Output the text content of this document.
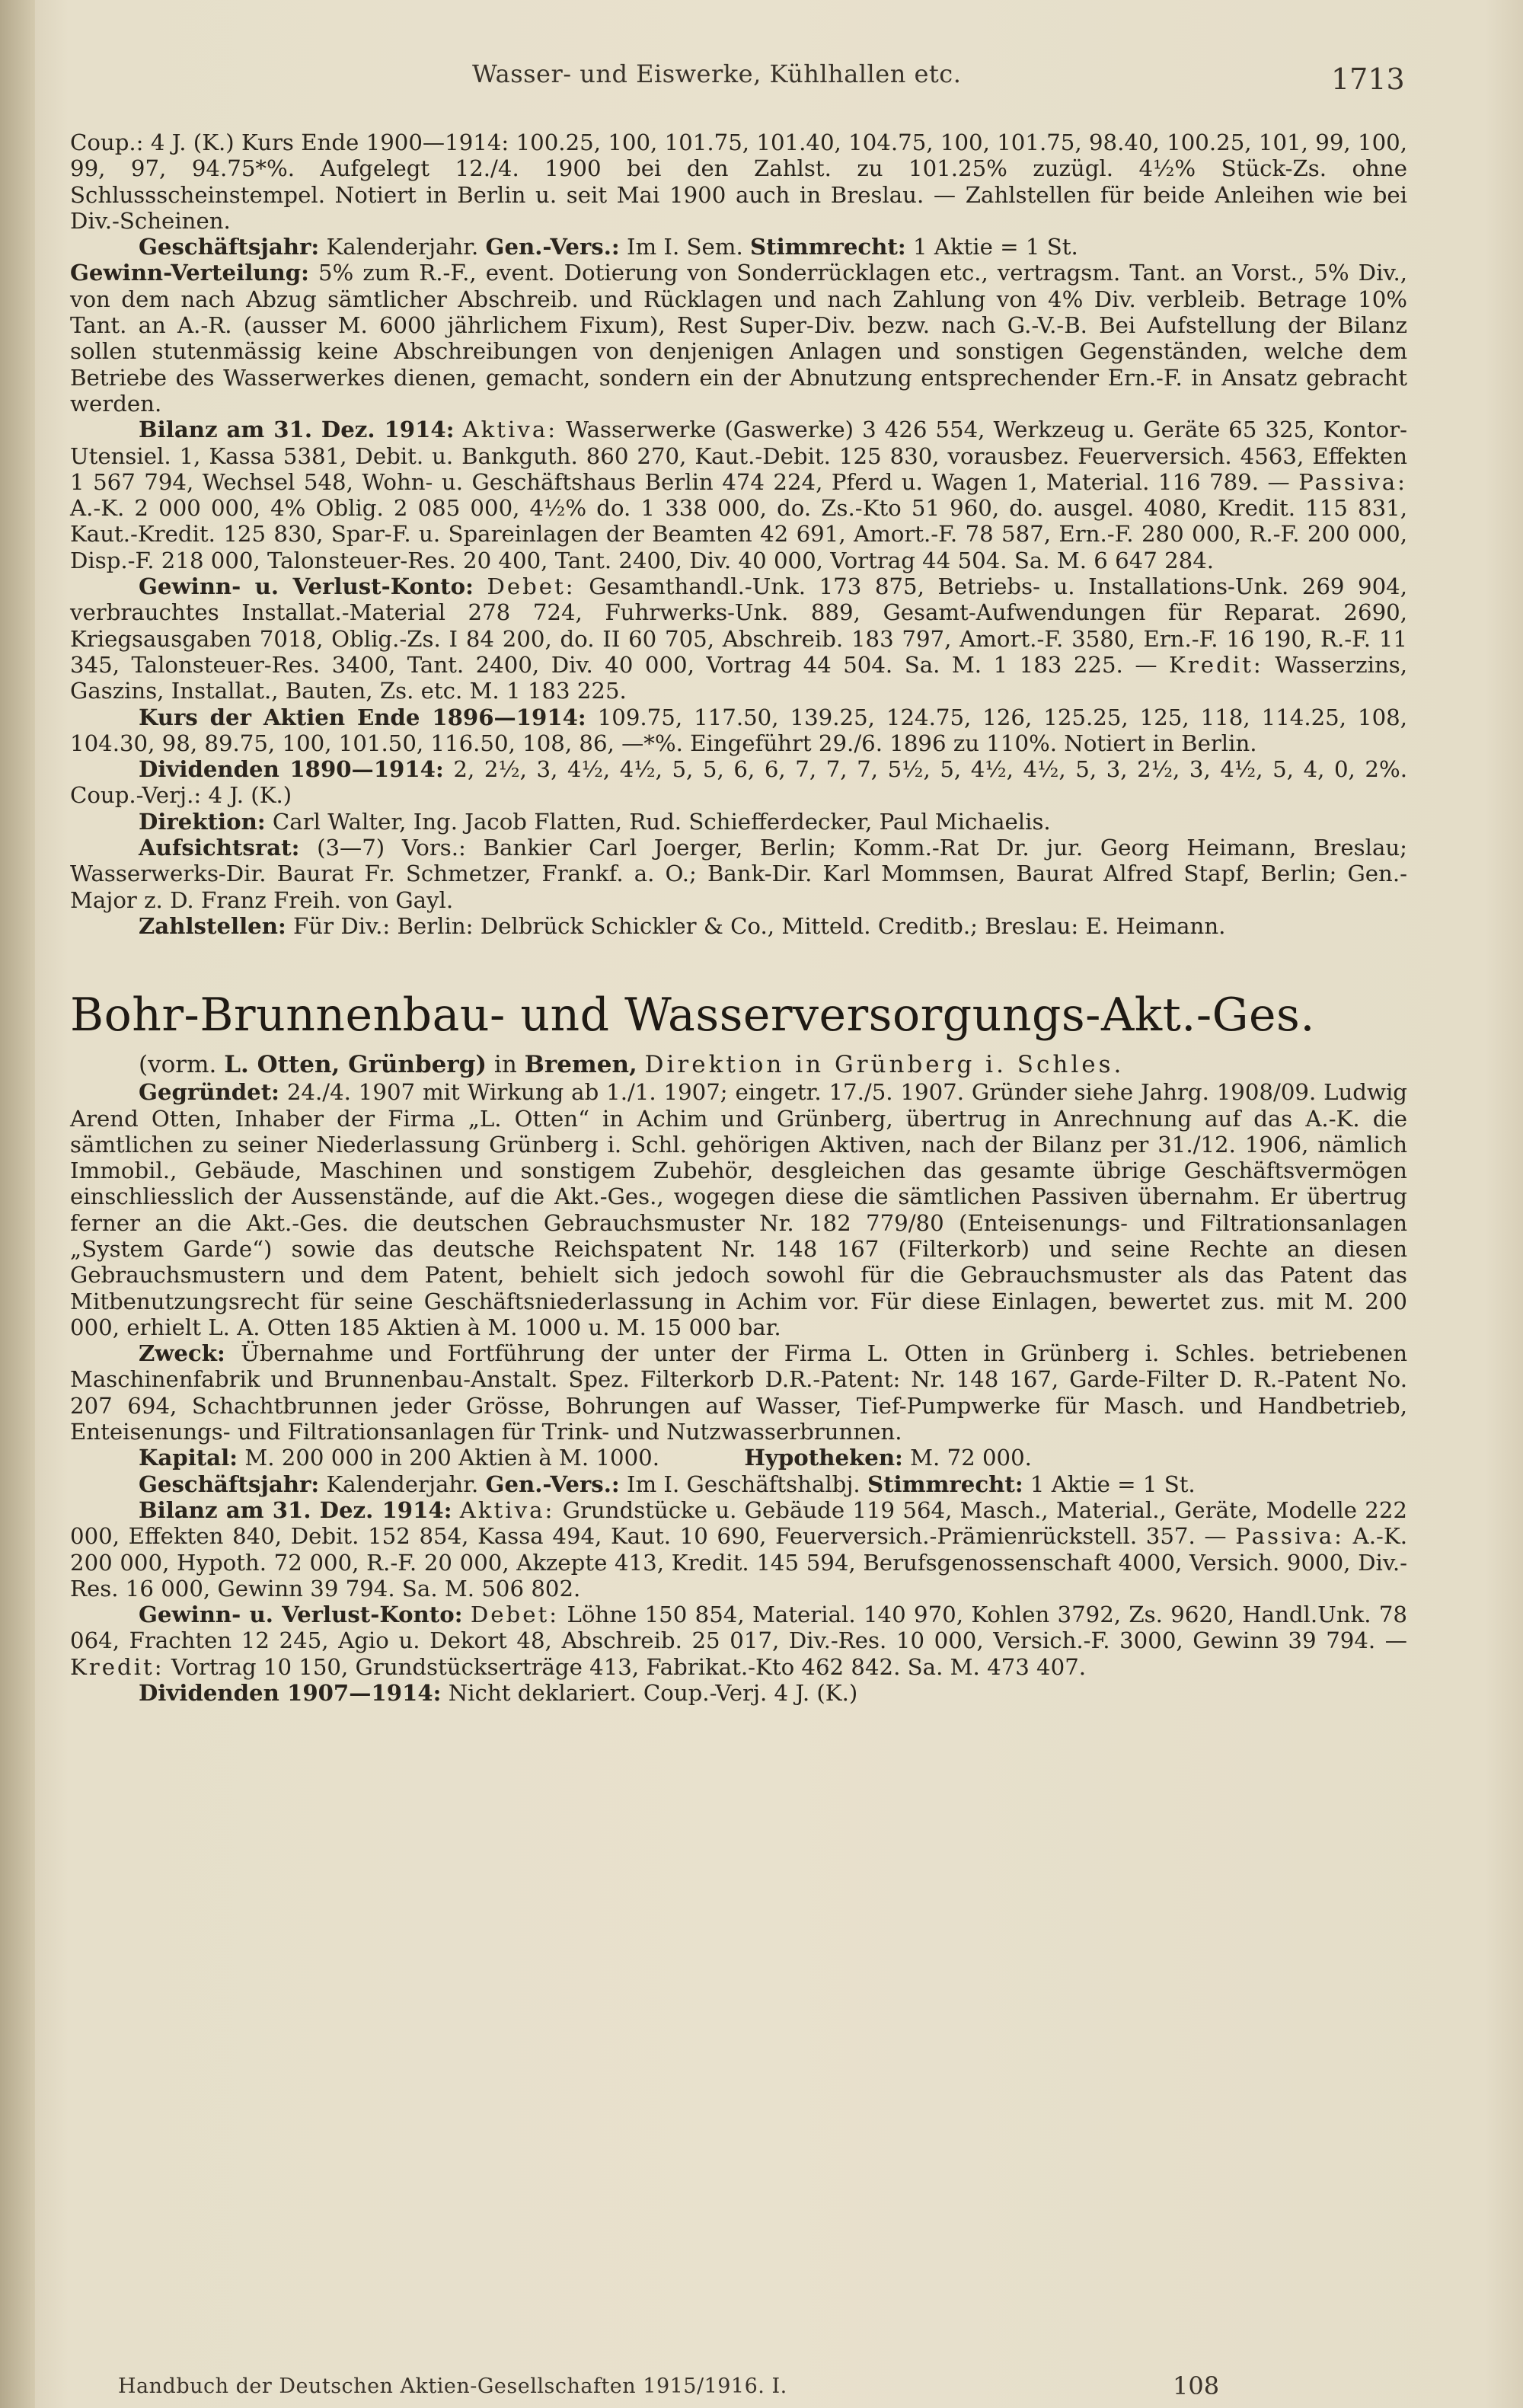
Wasser- und Eiswerke, Kühlhallen etc.	1713

Coup.: 4 J. (K.) Kurs Ende 1900—1914: 100.25, 100, 101.75, 101.40, 104.75, 100, 101.75, 98.40, 100.25, 101, 99, 100, 99, 97, 94.75*%. Aufgelegt 12./4. 1900 bei den Zahlst. zu 101.25% zuzügl. 4½% Stück-Zs. ohne Schlussscheinstempel. Notiert in Berlin u. seit Mai 1900 auch in Breslau. — Zahlstellen für beide Anleihen wie bei Div.-Scheinen.

Geschäftsjahr: Kalenderjahr. Gen.-Vers.: Im I. Sem. Stimmrecht: 1 Aktie = 1 St.

Gewinn-Verteilung: 5% zum R.-F., event. Dotierung von Sonderrücklagen etc., vertragsm. Tant. an Vorst., 5% Div., von dem nach Abzug sämtlicher Abschreib. und Rücklagen und nach Zahlung von 4% Div. verbleib. Betrage 10% Tant. an A.-R. (ausser M. 6000 jährlichem Fixum), Rest Super-Div. bezw. nach G.-V.-B. Bei Aufstellung der Bilanz sollen stutenmässig keine Abschreibungen von denjenigen Anlagen und sonstigen Gegenständen, welche dem Betriebe des Wasserwerkes dienen, gemacht, sondern ein der Abnutzung entsprechender Ern.-F. in Ansatz gebracht werden.

Bilanz am 31. Dez. 1914: Aktiva: Wasserwerke (Gaswerke) 3 426 554, Werkzeug u. Geräte 65 325, Kontor-Utensiel. 1, Kassa 5381, Debit. u. Bankguth. 860 270, Kaut.-Debit. 125 830, vorausbez. Feuerversich. 4563, Effekten 1 567 794, Wechsel 548, Wohn- u. Geschäftshaus Berlin 474 224, Pferd u. Wagen 1, Material. 116 789. — Passiva: A.-K. 2 000 000, 4% Oblig. 2 085 000, 4½% do. 1 338 000, do. Zs.-Kto 51 960, do. ausgel. 4080, Kredit. 115 831, Kaut.-Kredit. 125 830, Spar-F. u. Spareinlagen der Beamten 42 691, Amort.-F. 78 587, Ern.-F. 280 000, R.-F. 200 000, Disp.-F. 218 000, Talonsteuer-Res. 20 400, Tant. 2400, Div. 40 000, Vortrag 44 504. Sa. M. 6 647 284.

Gewinn- u. Verlust-Konto: Debet: Gesamthandl.-Unk. 173 875, Betriebs- u. Installations-Unk. 269 904, verbrauchtes Installat.-Material 278 724, Fuhrwerks-Unk. 889, Gesamt-Aufwendungen für Reparat. 2690, Kriegsausgaben 7018, Oblig.-Zs. I 84 200, do. II 60 705, Abschreib. 183 797, Amort.-F. 3580, Ern.-F. 16 190, R.-F. 11 345, Talonsteuer-Res. 3400, Tant. 2400, Div. 40 000, Vortrag 44 504. Sa. M. 1 183 225. — Kredit: Wasserzins, Gaszins, Installat., Bauten, Zs. etc. M. 1 183 225.

Kurs der Aktien Ende 1896—1914: 109.75, 117.50, 139.25, 124.75, 126, 125.25, 125, 118, 114.25, 108, 104.30, 98, 89.75, 100, 101.50, 116.50, 108, 86, —*%. Eingeführt 29./6. 1896 zu 110%. Notiert in Berlin.

Dividenden 1890—1914: 2, 2½, 3, 4½, 4½, 5, 5, 6, 6, 7, 7, 7, 5½, 5, 4½, 4½, 5, 3, 2½, 3, 4½, 5, 4, 0, 2%. Coup.-Verj.: 4 J. (K.)

Direktion: Carl Walter, Ing. Jacob Flatten, Rud. Schiefferdecker, Paul Michaelis.

Aufsichtsrat: (3—7) Vors.: Bankier Carl Joerger, Berlin; Komm.-Rat Dr. jur. Georg Heimann, Breslau; Wasserwerks-Dir. Baurat Fr. Schmetzer, Frankf. a. O.; Bank-Dir. Karl Mommsen, Baurat Alfred Stapf, Berlin; Gen.-Major z. D. Franz Freih. von Gayl.

Zahlstellen: Für Div.: Berlin: Delbrück Schickler & Co., Mitteld. Creditb.; Breslau: E. Heimann.

Bohr-Brunnenbau- und Wasserversorgungs-Akt.-Ges.

(vorm. L. Otten, Grünberg) in Bremen, Direktion in Grünberg i. Schles.

Gegründet: 24./4. 1907 mit Wirkung ab 1./1. 1907; eingetr. 17./5. 1907. Gründer siehe Jahrg. 1908/09. Ludwig Arend Otten, Inhaber der Firma „L. Otten“ in Achim und Grünberg, übertrug in Anrechnung auf das A.-K. die sämtlichen zu seiner Niederlassung Grünberg i. Schl. gehörigen Aktiven, nach der Bilanz per 31./12. 1906, nämlich Immobil., Gebäude, Maschinen und sonstigem Zubehör, desgleichen das gesamte übrige Geschäftsvermögen einschliesslich der Aussenstände, auf die Akt.-Ges., wogegen diese die sämtlichen Passiven übernahm. Er übertrug ferner an die Akt.-Ges. die deutschen Gebrauchsmuster Nr. 182 779/80 (Enteisenungs- und Filtrationsanlagen „System Garde“) sowie das deutsche Reichspatent Nr. 148 167 (Filterkorb) und seine Rechte an diesen Gebrauchsmustern und dem Patent, behielt sich jedoch sowohl für die Gebrauchsmuster als das Patent das Mitbenutzungsrecht für seine Geschäftsniederlassung in Achim vor. Für diese Einlagen, bewertet zus. mit M. 200 000, erhielt L. A. Otten 185 Aktien à M. 1000 u. M. 15 000 bar.

Zweck: Übernahme und Fortführung der unter der Firma L. Otten in Grünberg i. Schles. betriebenen Maschinenfabrik und Brunnenbau-Anstalt. Spez. Filterkorb D.R.-Patent: Nr. 148 167, Garde-Filter D. R.-Patent No. 207 694, Schachtbrunnen jeder Grösse, Bohrungen auf Wasser, Tief-Pumpwerke für Masch. und Handbetrieb, Enteisenungs- und Filtrationsanlagen für Trink- und Nutzwasserbrunnen.

Kapital: M. 200 000 in 200 Aktien à M. 1000.	Hypotheken: M. 72 000.

Geschäftsjahr: Kalenderjahr. Gen.-Vers.: Im I. Geschäftshalbj. Stimmrecht: 1 Aktie = 1 St.

Bilanz am 31. Dez. 1914: Aktiva: Grundstücke u. Gebäude 119 564, Masch., Material., Geräte, Modelle 222 000, Effekten 840, Debit. 152 854, Kassa 494, Kaut. 10 690, Feuerversich.-Prämienrückstell. 357. — Passiva: A.-K. 200 000, Hypoth. 72 000, R.-F. 20 000, Akzepte 413, Kredit. 145 594, Berufsgenossenschaft 4000, Versich. 9000, Div.-Res. 16 000, Gewinn 39 794. Sa. M. 506 802.

Gewinn- u. Verlust-Konto: Debet: Löhne 150 854, Material. 140 970, Kohlen 3792, Zs. 9620, Handl.Unk. 78 064, Frachten 12 245, Agio u. Dekort 48, Abschreib. 25 017, Div.-Res. 10 000, Versich.-F. 3000, Gewinn 39 794. — Kredit: Vortrag 10 150, Grundstückserträge 413, Fabrikat.-Kto 462 842. Sa. M. 473 407.

Dividenden 1907—1914: Nicht deklariert. Coup.-Verj. 4 J. (K.)

Handbuch der Deutschen Aktien-Gesellschaften 1915/1916. I.	108
